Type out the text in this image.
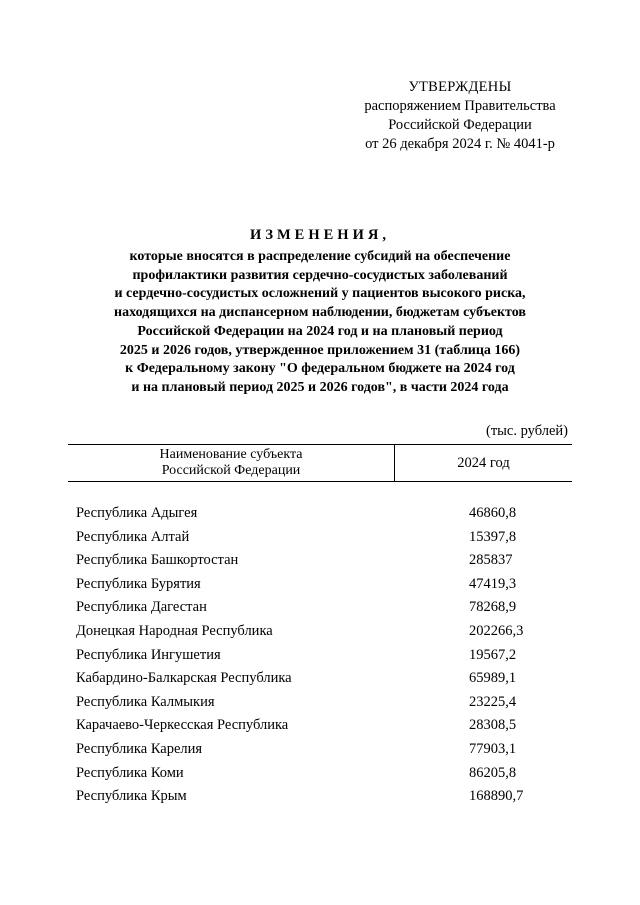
УТВЕРЖДЕНЫ
распоряжением Правительства
Российской Федерации
от 26 декабря 2024 г. № 4041-р
ИЗМЕНЕНИЯ,
которые вносятся в распределение субсидий на обеспечение
профилактики развития сердечно-сосудистых заболеваний
и сердечно-сосудистых осложнений у пациентов высокого риска,
находящихся на диспансерном наблюдении, бюджетам субъектов
Российской Федерации на 2024 год и на плановый период
2025 и 2026 годов, утвержденное приложением 31 (таблица 166)
к Федеральному закону "О федеральном бюджете на 2024 год
и на плановый период 2025 и 2026 годов", в части 2024 года
(тыс. рублей)
Наименование субъекта
Российской Федерации	2024 год
Республика Адыгея	46860,8
Республика Алтай	15397,8
Республика Башкортостан	285837
Республика Бурятия	47419,3
Республика Дагестан	78268,9
Донецкая Народная Республика	202266,3
Республика Ингушетия	19567,2
Кабардино-Балкарская Республика	65989,1
Республика Калмыкия	23225,4
Карачаево-Черкесская Республика	28308,5
Республика Карелия	77903,1
Республика Коми	86205,8
Республика Крым	168890,7
